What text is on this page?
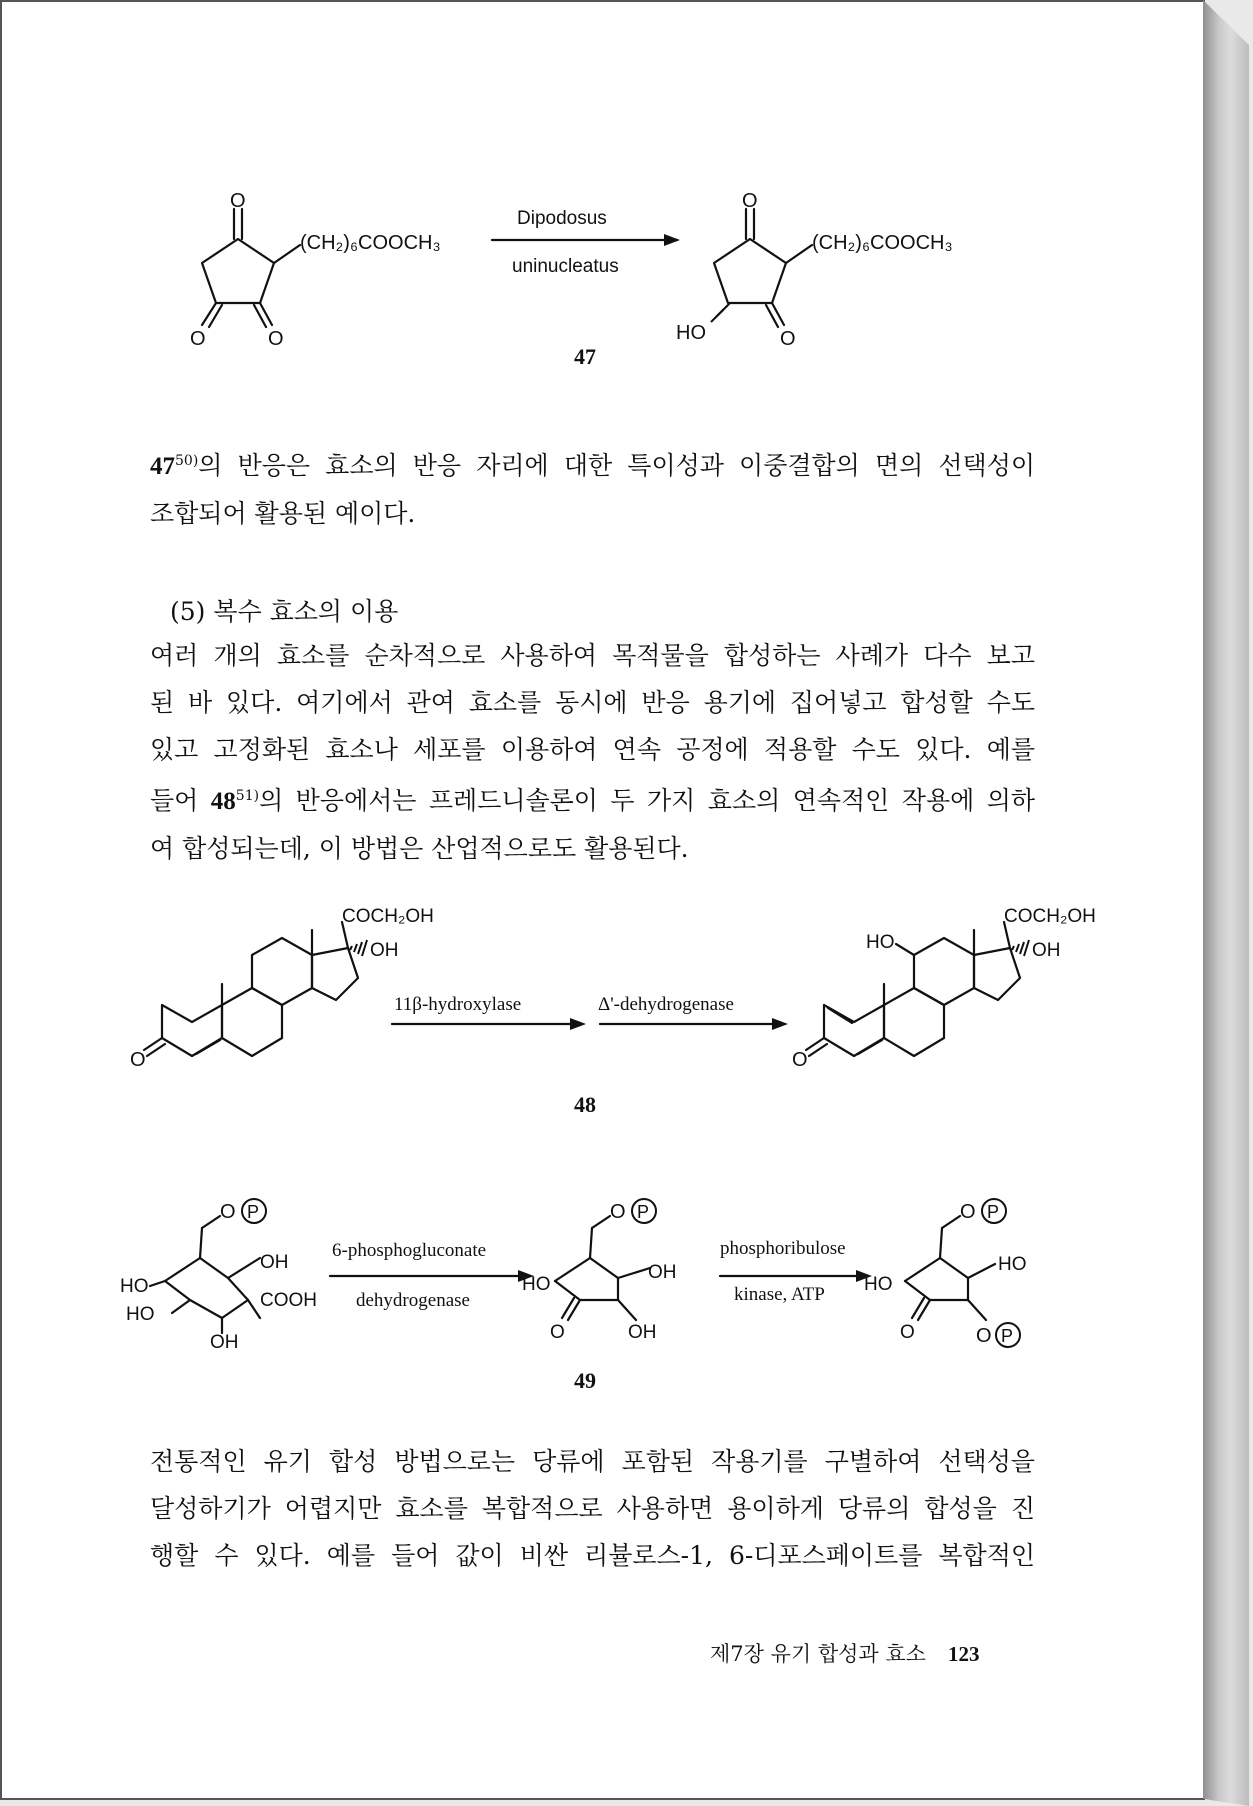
O
O	O
(CH₂)₆COOCH₃
Dipodosus
uninucleatus
O
O
HO
(CH₂)₆COOCH₃
47
47$^{50)}$의 반응은 효소의 반응 자리에 대한 특이성과 이중결합의 면의 선택성이
조합되어 활용된 예이다.
(5) 복수 효소의 이용
여러 개의 효소를 순차적으로 사용하여 목적물을 합성하는 사례가 다수 보고
된 바 있다. 여기에서 관여 효소를 동시에 반응 용기에 집어넣고 합성할 수도
있고 고정화된 효소나 세포를 이용하여 연속 공정에 적용할 수도 있다. 예를
들어 48$^{51)}$의 반응에서는 프레드니솔론이 두 가지 효소의 연속적인 작용에 의하
여 합성되는데, 이 방법은 산업적으로도 활용된다.
O
COCH₂OH
OH
11β-hydroxylase	Δ'-dehydrogenase
O
HO
COCH₂OH
OH
48
O P
OH
HO
HO
COOH
OH
6-phosphogluconate
dehydrogenase
O P
OH
HO
O	OH
phosphoribulose
kinase, ATP
O P
HO
HO
O	O P
49
전통적인 유기 합성 방법으로는 당류에 포함된 작용기를 구별하여 선택성을
달성하기가 어렵지만 효소를 복합적으로 사용하면 용이하게 당류의 합성을 진
행할 수 있다. 예를 들어 값이 비싼 리뷸로스-1, 6-디포스페이트를 복합적인
제7장 유기 합성과 효소 123
